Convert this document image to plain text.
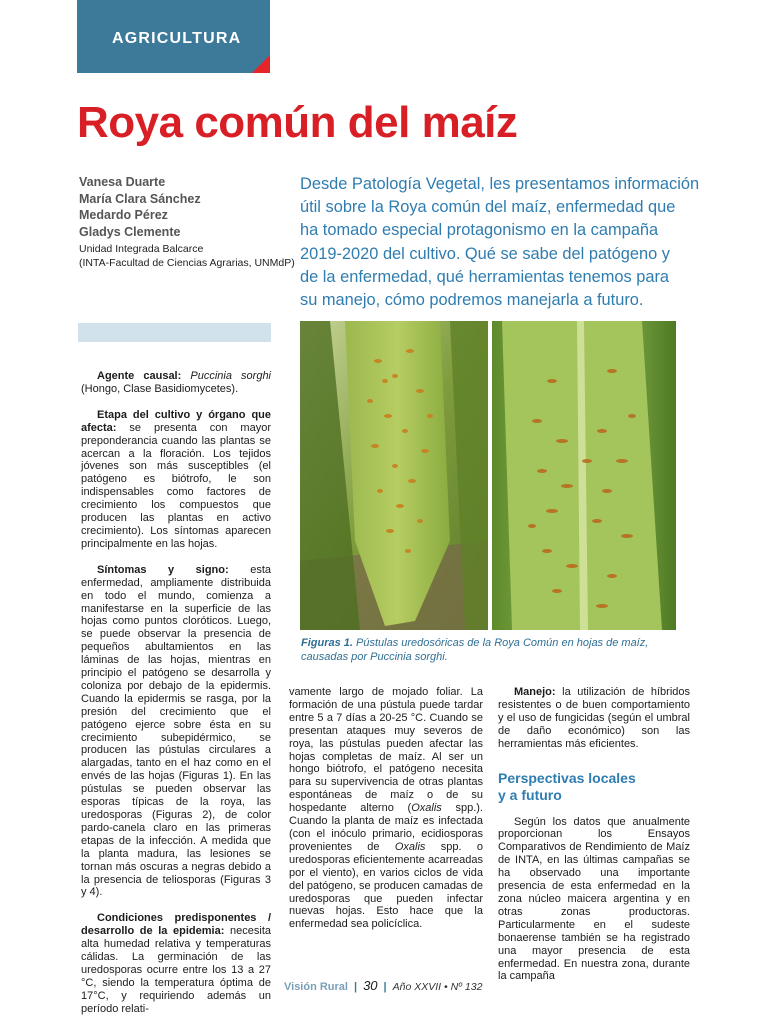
AGRICULTURA
Roya común del maíz
Vanesa Duarte
María Clara Sánchez
Medardo Pérez
Gladys Clemente
Unidad Integrada Balcarce
(INTA-Facultad de Ciencias Agrarias, UNMdP)
Desde Patología Vegetal, les presentamos información
útil sobre la Roya común del maíz, enfermedad que
ha tomado especial protagonismo en la campaña
2019-2020 del cultivo. Qué se sabe del patógeno y
de la enfermedad, qué herramientas tenemos para
su manejo, cómo podremos manejarla a futuro.

Agente causal: Puccinia sorghi (Hongo, Clase Basidiomycetes).

Etapa del cultivo y órgano que afecta: se presenta con mayor preponderancia cuando las plantas se acercan a la floración. Los tejidos jóvenes son más susceptibles (el patógeno es biótrofo, le son indispensables como factores de crecimiento los compuestos que producen las plantas en activo crecimiento). Los síntomas aparecen principalmente en las hojas.

Síntomas y signo: esta enfermedad, ampliamente distribuida en todo el mundo, comienza a manifestarse en la superficie de las hojas como puntos cloróticos. Luego, se puede observar la presencia de pequeños abultamientos en las láminas de las hojas, mientras en principio el patógeno se desarrolla y coloniza por debajo de la epidermis. Cuando la epidermis se rasga, por la presión del crecimiento que el patógeno ejerce sobre ésta en su crecimiento subepidérmico, se producen las pústulas circulares a alargadas, tanto en el haz como en el envés de las hojas (Figuras 1). En las pústulas se pueden observar las esporas típicas de la roya, las uredosporas (Figuras 2), de color pardo-canela claro en las primeras etapas de la infección. A medida que la planta madura, las lesiones se tornan más oscuras a negras debido a la presencia de teliosporas (Figuras 3 y 4).

Condiciones predisponentes / desarrollo de la epidemia: necesita alta humedad relativa y temperaturas cálidas. La germinación de las uredosporas ocurre entre los 13 a 27 °C, siendo la temperatura óptima de 17°C, y requiriendo además un período relati-

Figuras 1. Pústulas uredosóricas de la Roya Común en hojas de maíz, causadas por Puccinia sorghi.

vamente largo de mojado foliar. La formación de una pústula puede tardar entre 5 a 7 días a 20-25 °C. Cuando se presentan ataques muy severos de roya, las pústulas pueden afectar las hojas completas de maíz. Al ser un hongo biótrofo, el patógeno necesita para su supervivencia de otras plantas espontáneas de maíz o de su hospedante alterno (Oxalis spp.). Cuando la planta de maíz es infectada (con el inóculo primario, ecidiosporas provenientes de Oxalis spp. o uredosporas eficientemente acarreadas por el viento), en varios ciclos de vida del patógeno, se producen camadas de uredosporas que pueden infectar nuevas hojas. Esto hace que la enfermedad sea policíclica.

Manejo: la utilización de híbridos resistentes o de buen comportamiento y el uso de fungicidas (según el umbral de daño económico) son las herramientas más eficientes.

Perspectivas locales
y a futuro

Según los datos que anualmente proporcionan los Ensayos Comparativos de Rendimiento de Maíz de INTA, en las últimas campañas se ha observado una importante presencia de esta enfermedad en la zona núcleo maicera argentina y en otras zonas productoras. Particularmente en el sudeste bonaerense también se ha registrado una mayor presencia de esta enfermedad. En nuestra zona, durante la campaña

Visión Rural | 30 | Año XXVII • Nº 132
